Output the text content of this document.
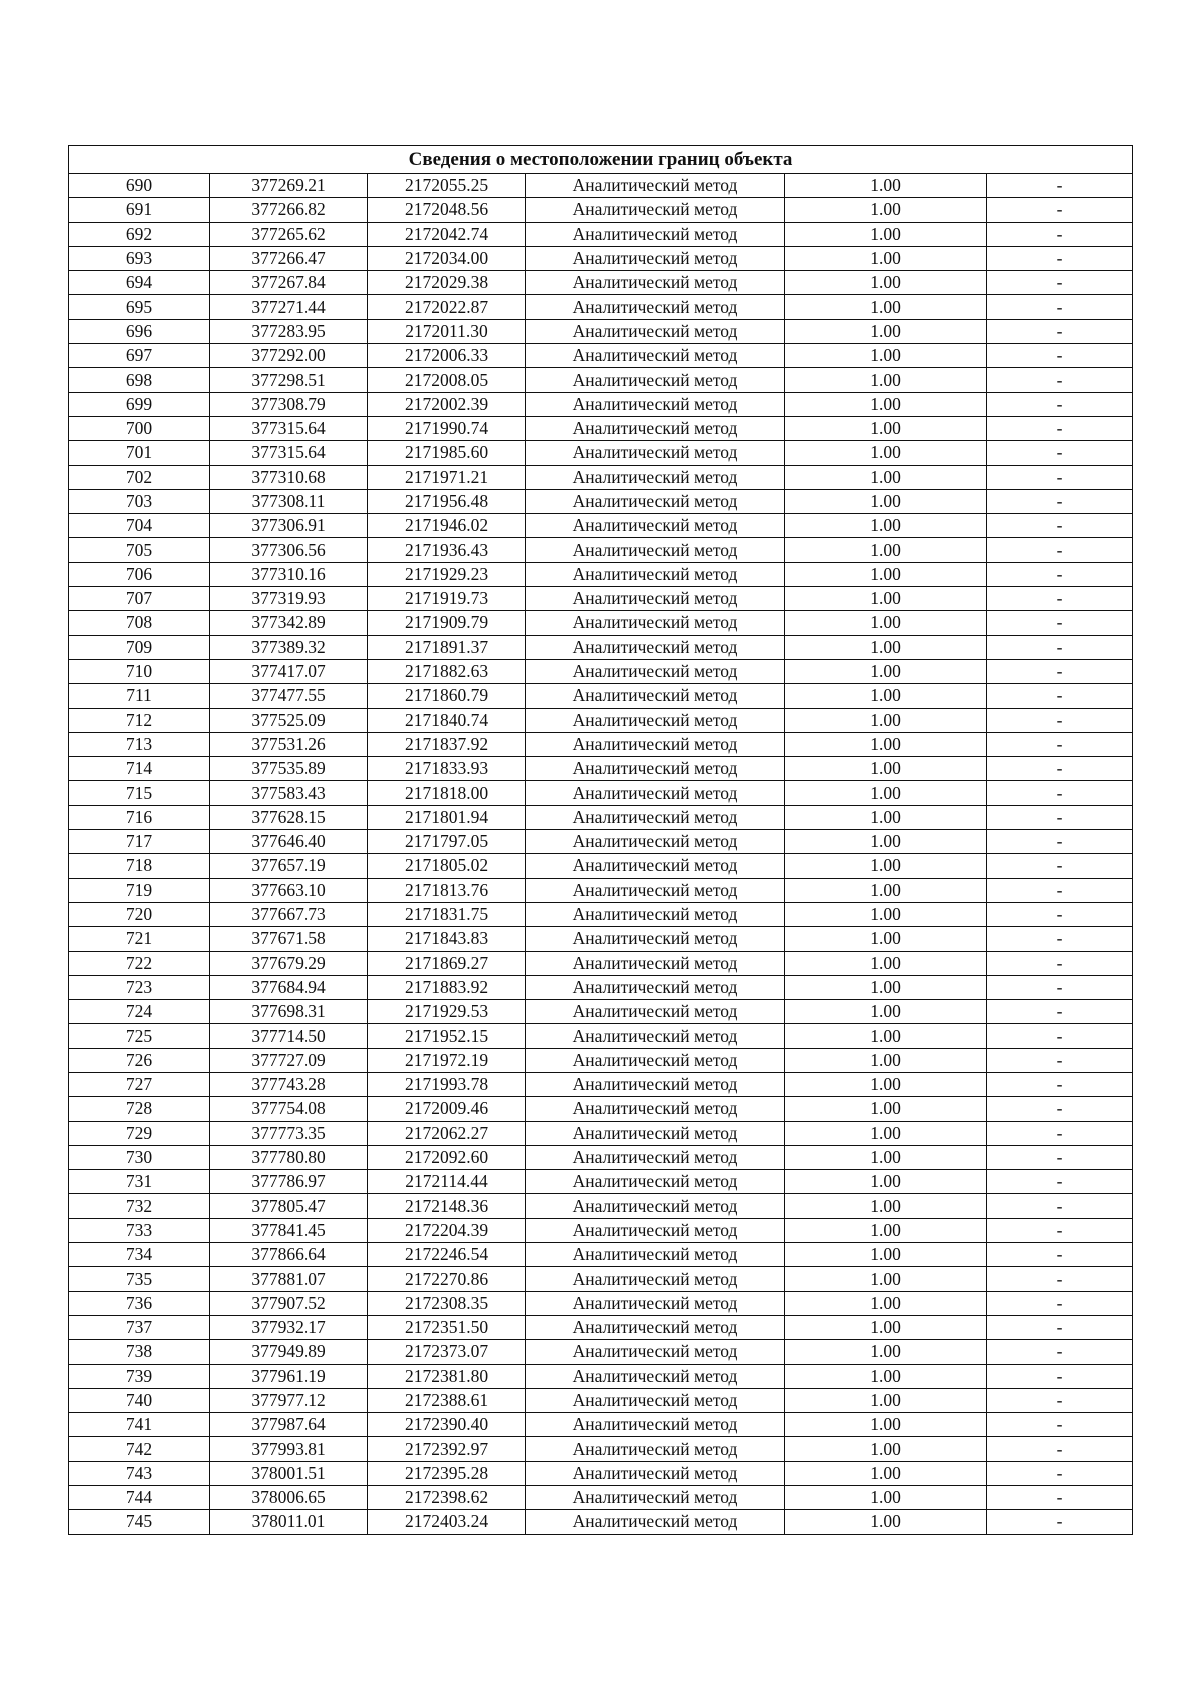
Сведения о местоположении границ объекта					
690	377269.21	2172055.25	Аналитический метод	1.00	-
691	377266.82	2172048.56	Аналитический метод	1.00	-
692	377265.62	2172042.74	Аналитический метод	1.00	-
693	377266.47	2172034.00	Аналитический метод	1.00	-
694	377267.84	2172029.38	Аналитический метод	1.00	-
695	377271.44	2172022.87	Аналитический метод	1.00	-
696	377283.95	2172011.30	Аналитический метод	1.00	-
697	377292.00	2172006.33	Аналитический метод	1.00	-
698	377298.51	2172008.05	Аналитический метод	1.00	-
699	377308.79	2172002.39	Аналитический метод	1.00	-
700	377315.64	2171990.74	Аналитический метод	1.00	-
701	377315.64	2171985.60	Аналитический метод	1.00	-
702	377310.68	2171971.21	Аналитический метод	1.00	-
703	377308.11	2171956.48	Аналитический метод	1.00	-
704	377306.91	2171946.02	Аналитический метод	1.00	-
705	377306.56	2171936.43	Аналитический метод	1.00	-
706	377310.16	2171929.23	Аналитический метод	1.00	-
707	377319.93	2171919.73	Аналитический метод	1.00	-
708	377342.89	2171909.79	Аналитический метод	1.00	-
709	377389.32	2171891.37	Аналитический метод	1.00	-
710	377417.07	2171882.63	Аналитический метод	1.00	-
711	377477.55	2171860.79	Аналитический метод	1.00	-
712	377525.09	2171840.74	Аналитический метод	1.00	-
713	377531.26	2171837.92	Аналитический метод	1.00	-
714	377535.89	2171833.93	Аналитический метод	1.00	-
715	377583.43	2171818.00	Аналитический метод	1.00	-
716	377628.15	2171801.94	Аналитический метод	1.00	-
717	377646.40	2171797.05	Аналитический метод	1.00	-
718	377657.19	2171805.02	Аналитический метод	1.00	-
719	377663.10	2171813.76	Аналитический метод	1.00	-
720	377667.73	2171831.75	Аналитический метод	1.00	-
721	377671.58	2171843.83	Аналитический метод	1.00	-
722	377679.29	2171869.27	Аналитический метод	1.00	-
723	377684.94	2171883.92	Аналитический метод	1.00	-
724	377698.31	2171929.53	Аналитический метод	1.00	-
725	377714.50	2171952.15	Аналитический метод	1.00	-
726	377727.09	2171972.19	Аналитический метод	1.00	-
727	377743.28	2171993.78	Аналитический метод	1.00	-
728	377754.08	2172009.46	Аналитический метод	1.00	-
729	377773.35	2172062.27	Аналитический метод	1.00	-
730	377780.80	2172092.60	Аналитический метод	1.00	-
731	377786.97	2172114.44	Аналитический метод	1.00	-
732	377805.47	2172148.36	Аналитический метод	1.00	-
733	377841.45	2172204.39	Аналитический метод	1.00	-
734	377866.64	2172246.54	Аналитический метод	1.00	-
735	377881.07	2172270.86	Аналитический метод	1.00	-
736	377907.52	2172308.35	Аналитический метод	1.00	-
737	377932.17	2172351.50	Аналитический метод	1.00	-
738	377949.89	2172373.07	Аналитический метод	1.00	-
739	377961.19	2172381.80	Аналитический метод	1.00	-
740	377977.12	2172388.61	Аналитический метод	1.00	-
741	377987.64	2172390.40	Аналитический метод	1.00	-
742	377993.81	2172392.97	Аналитический метод	1.00	-
743	378001.51	2172395.28	Аналитический метод	1.00	-
744	378006.65	2172398.62	Аналитический метод	1.00	-
745	378011.01	2172403.24	Аналитический метод	1.00	-
